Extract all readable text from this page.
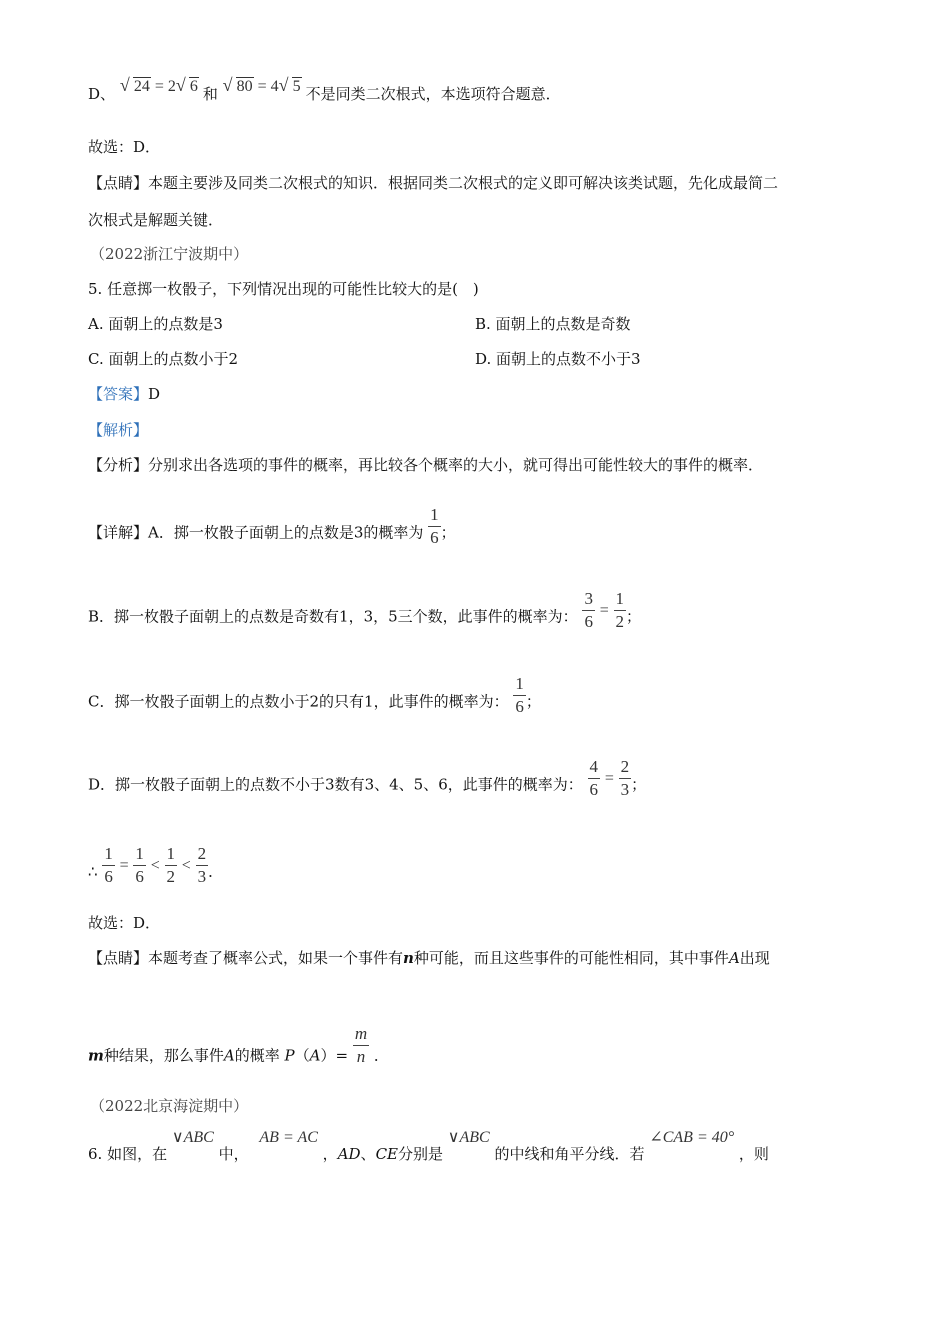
D、 √ 24 = 2 √ 6 和 √ 80 = 4 √ 5 不是同类二次根式，本选项符合题意．
故选：D．
【点睛】本题主要涉及同类二次根式的知识．根据同类二次根式的定义即可解决该类试题，先化成最简二
次根式是解题关键．
（2022浙江宁波期中）
5. 任意掷一枚骰子，下列情况出现的可能性比较大的是(　)
A. 面朝上的点数是3	B. 面朝上的点数是奇数
C. 面朝上的点数小于2	D. 面朝上的点数不小于3
【答案】D
【解析】
【分析】分别求出各选项的事件的概率，再比较各个概率的大小，就可得出可能性较大的事件的概率．
【详解】A．掷一枚骰子面朝上的点数是3的概率为 $\frac{1}{6}$ ；
B．掷一枚骰子面朝上的点数是奇数有1，3，5三个数，此事件的概率为： $\frac{3}{6} = \frac{1}{2}$ ；
C．掷一枚骰子面朝上的点数小于2的只有1，此事件的概率为： $\frac{1}{6}$ ；
D．掷一枚骰子面朝上的点数不小于3数有3、4、5、6，此事件的概率为： $\frac{4}{6} = \frac{2}{3}$ ；
∴ $\frac{1}{6} = \frac{1}{6} < \frac{1}{2} < \frac{2}{3}$ ．
故选：D．
【点睛】本题考查了概率公式，如果一个事件有n种可能，而且这些事件的可能性相同，其中事件A出现
m种结果，那么事件A的概率 $P(A)= \frac{m}{n}$ ．
（2022北京海淀期中）
6. 如图，在 ∨ABC 中， AB = AC ，AD、CE分别是 ∨ABC 的中线和角平分线．若 ∠CAB = 40° ，则
